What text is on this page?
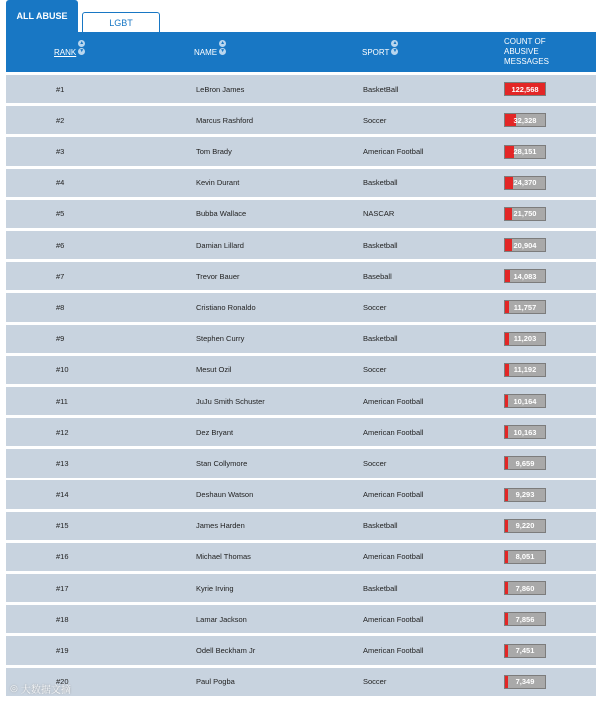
ALL ABUSE
LGBT
RANK
▲
▼	NAME
▲
▼	SPORT
▲
▼
COUNT OF ABUSIVE MESSAGES
#1	LeBron James	BasketBall	122,568
#2	Marcus Rashford	Soccer	32,328
#3	Tom Brady	American Football	28,151
#4	Kevin Durant	Basketball	24,370
#5	Bubba Wallace	NASCAR	21,750
#6	Damian Lillard	Basketball	20,904
#7	Trevor Bauer	Baseball	14,083
#8	Cristiano Ronaldo	Soccer	11,757
#9	Stephen Curry	Basketball	11,203
#10	Mesut Ozil	Soccer	11,192
#11	JuJu Smith Schuster	American Football	10,164
#12	Dez Bryant	American Football	10,163
#13	Stan Collymore	Soccer	9,659
#14	Deshaun Watson	American Football	9,293
#15	James Harden	Basketball	9,220
#16	Michael Thomas	American Football	8,051
#17	Kyrie Irving	Basketball	7,860
#18	Lamar Jackson	American Football	7,856
#19	Odell Beckham Jr	American Football	7,451
#20	Paul Pogba	Soccer	7,349
◎ 大数据文摘
